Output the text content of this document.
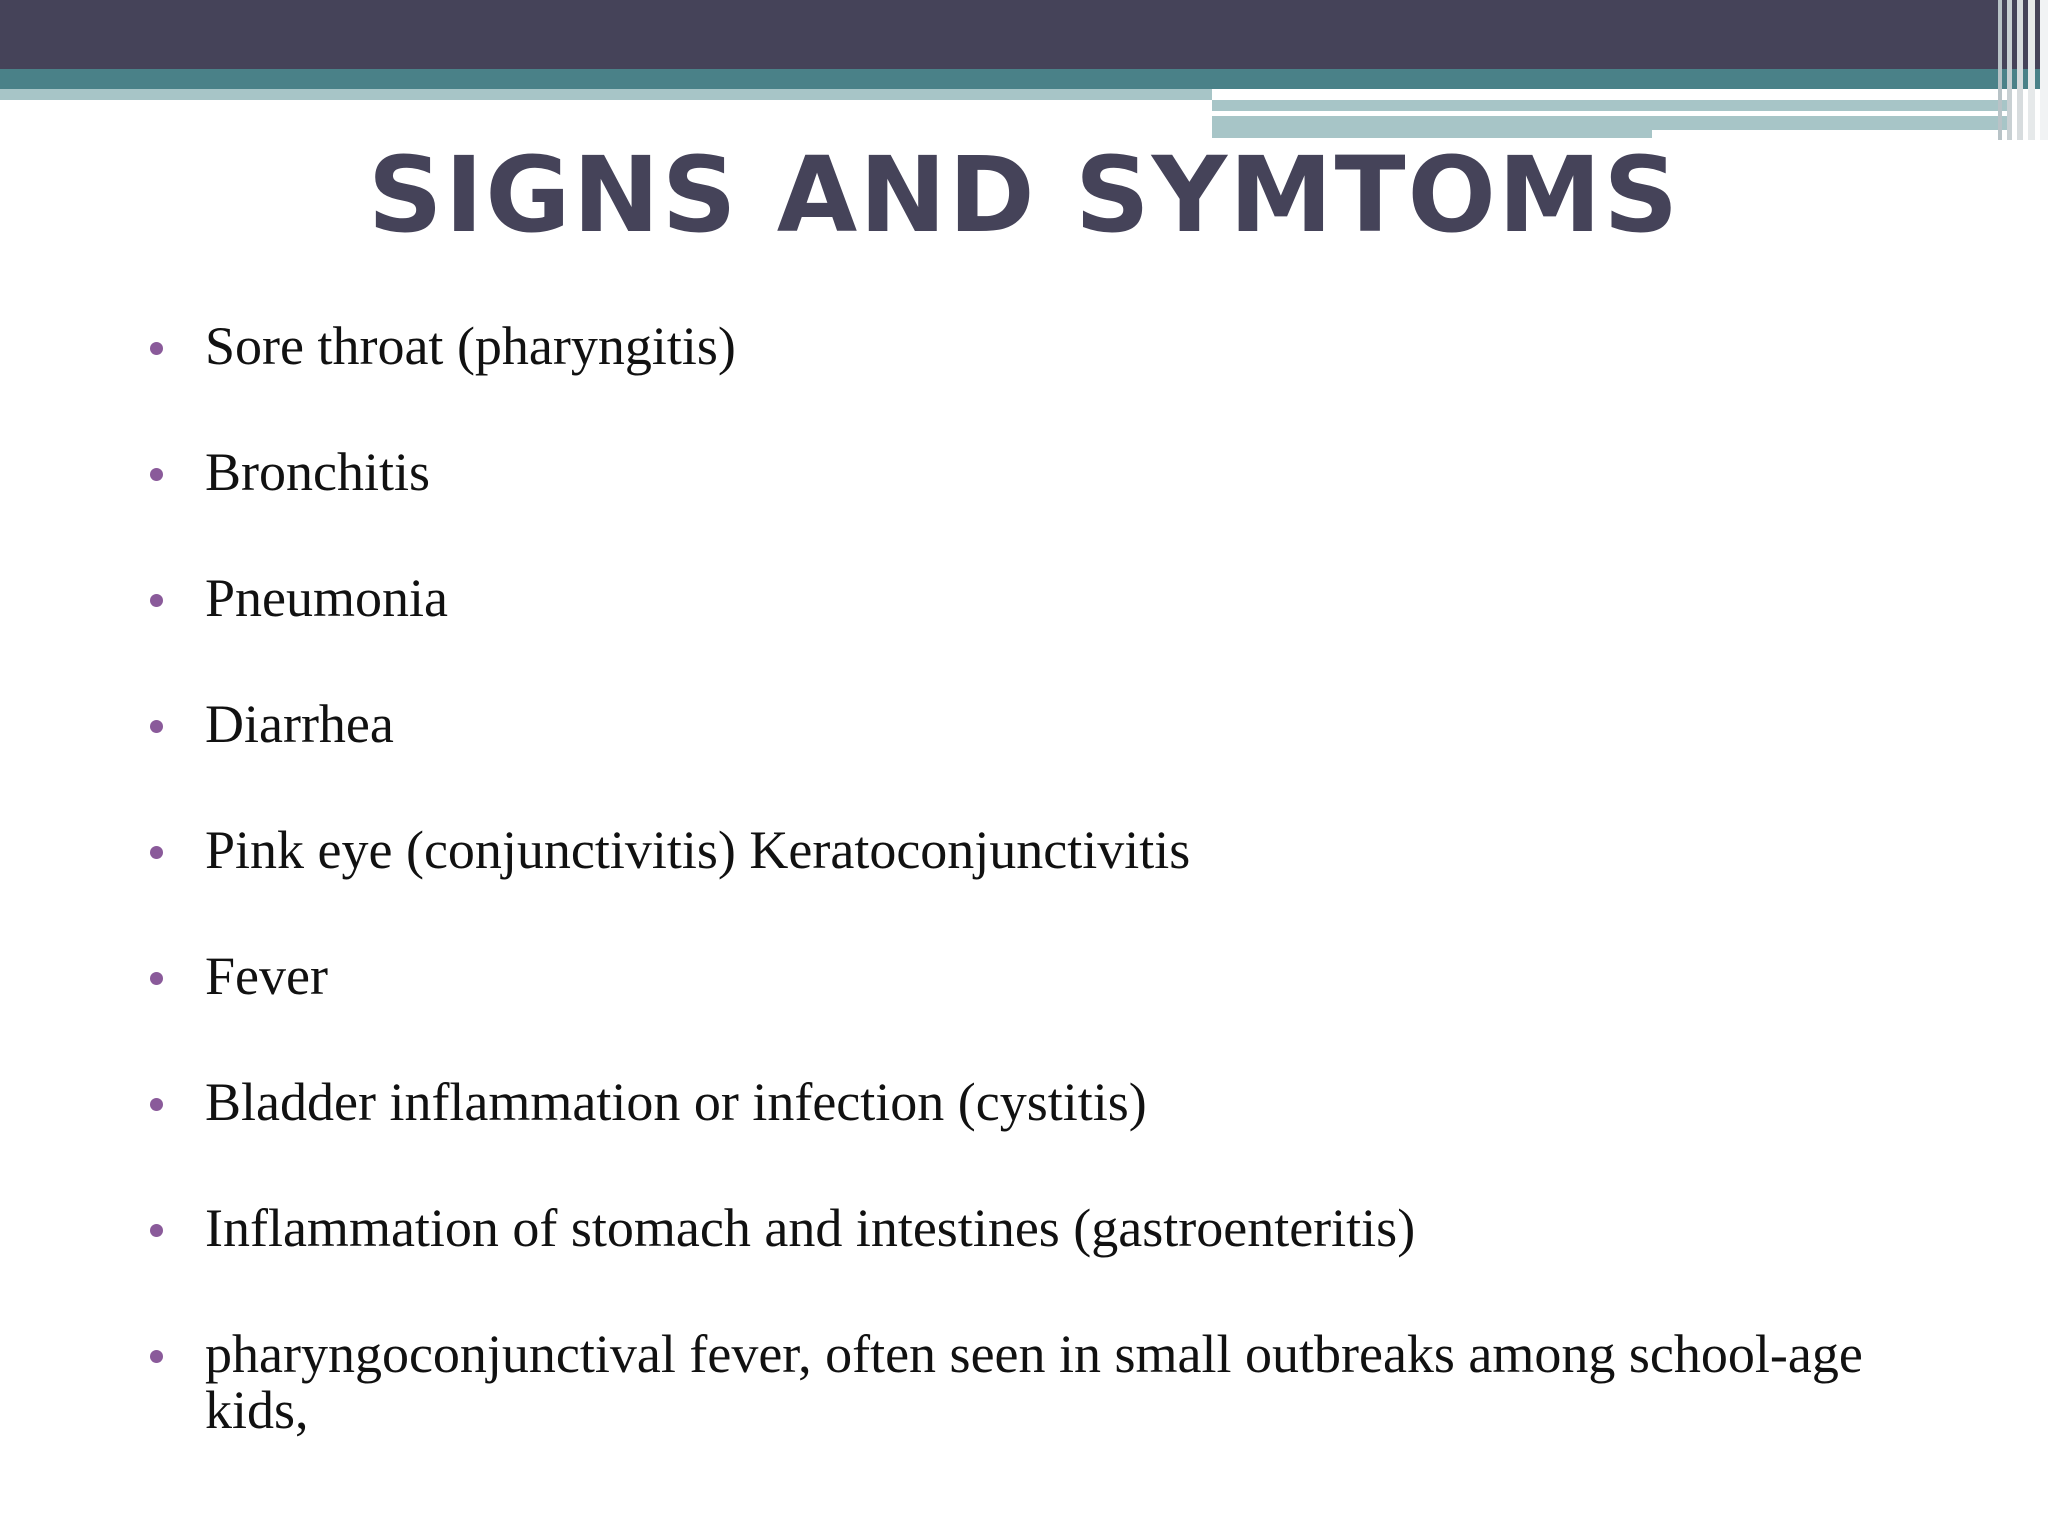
SIGNS AND SYMTOMS
Sore throat (pharyngitis)
Bronchitis
Pneumonia
Diarrhea
Pink eye (conjunctivitis) Keratoconjunctivitis
Fever
Bladder inflammation or infection (cystitis)
Inflammation of stomach and intestines (gastroenteritis)
pharyngoconjunctival fever, often seen in small outbreaks among school-age kids,
